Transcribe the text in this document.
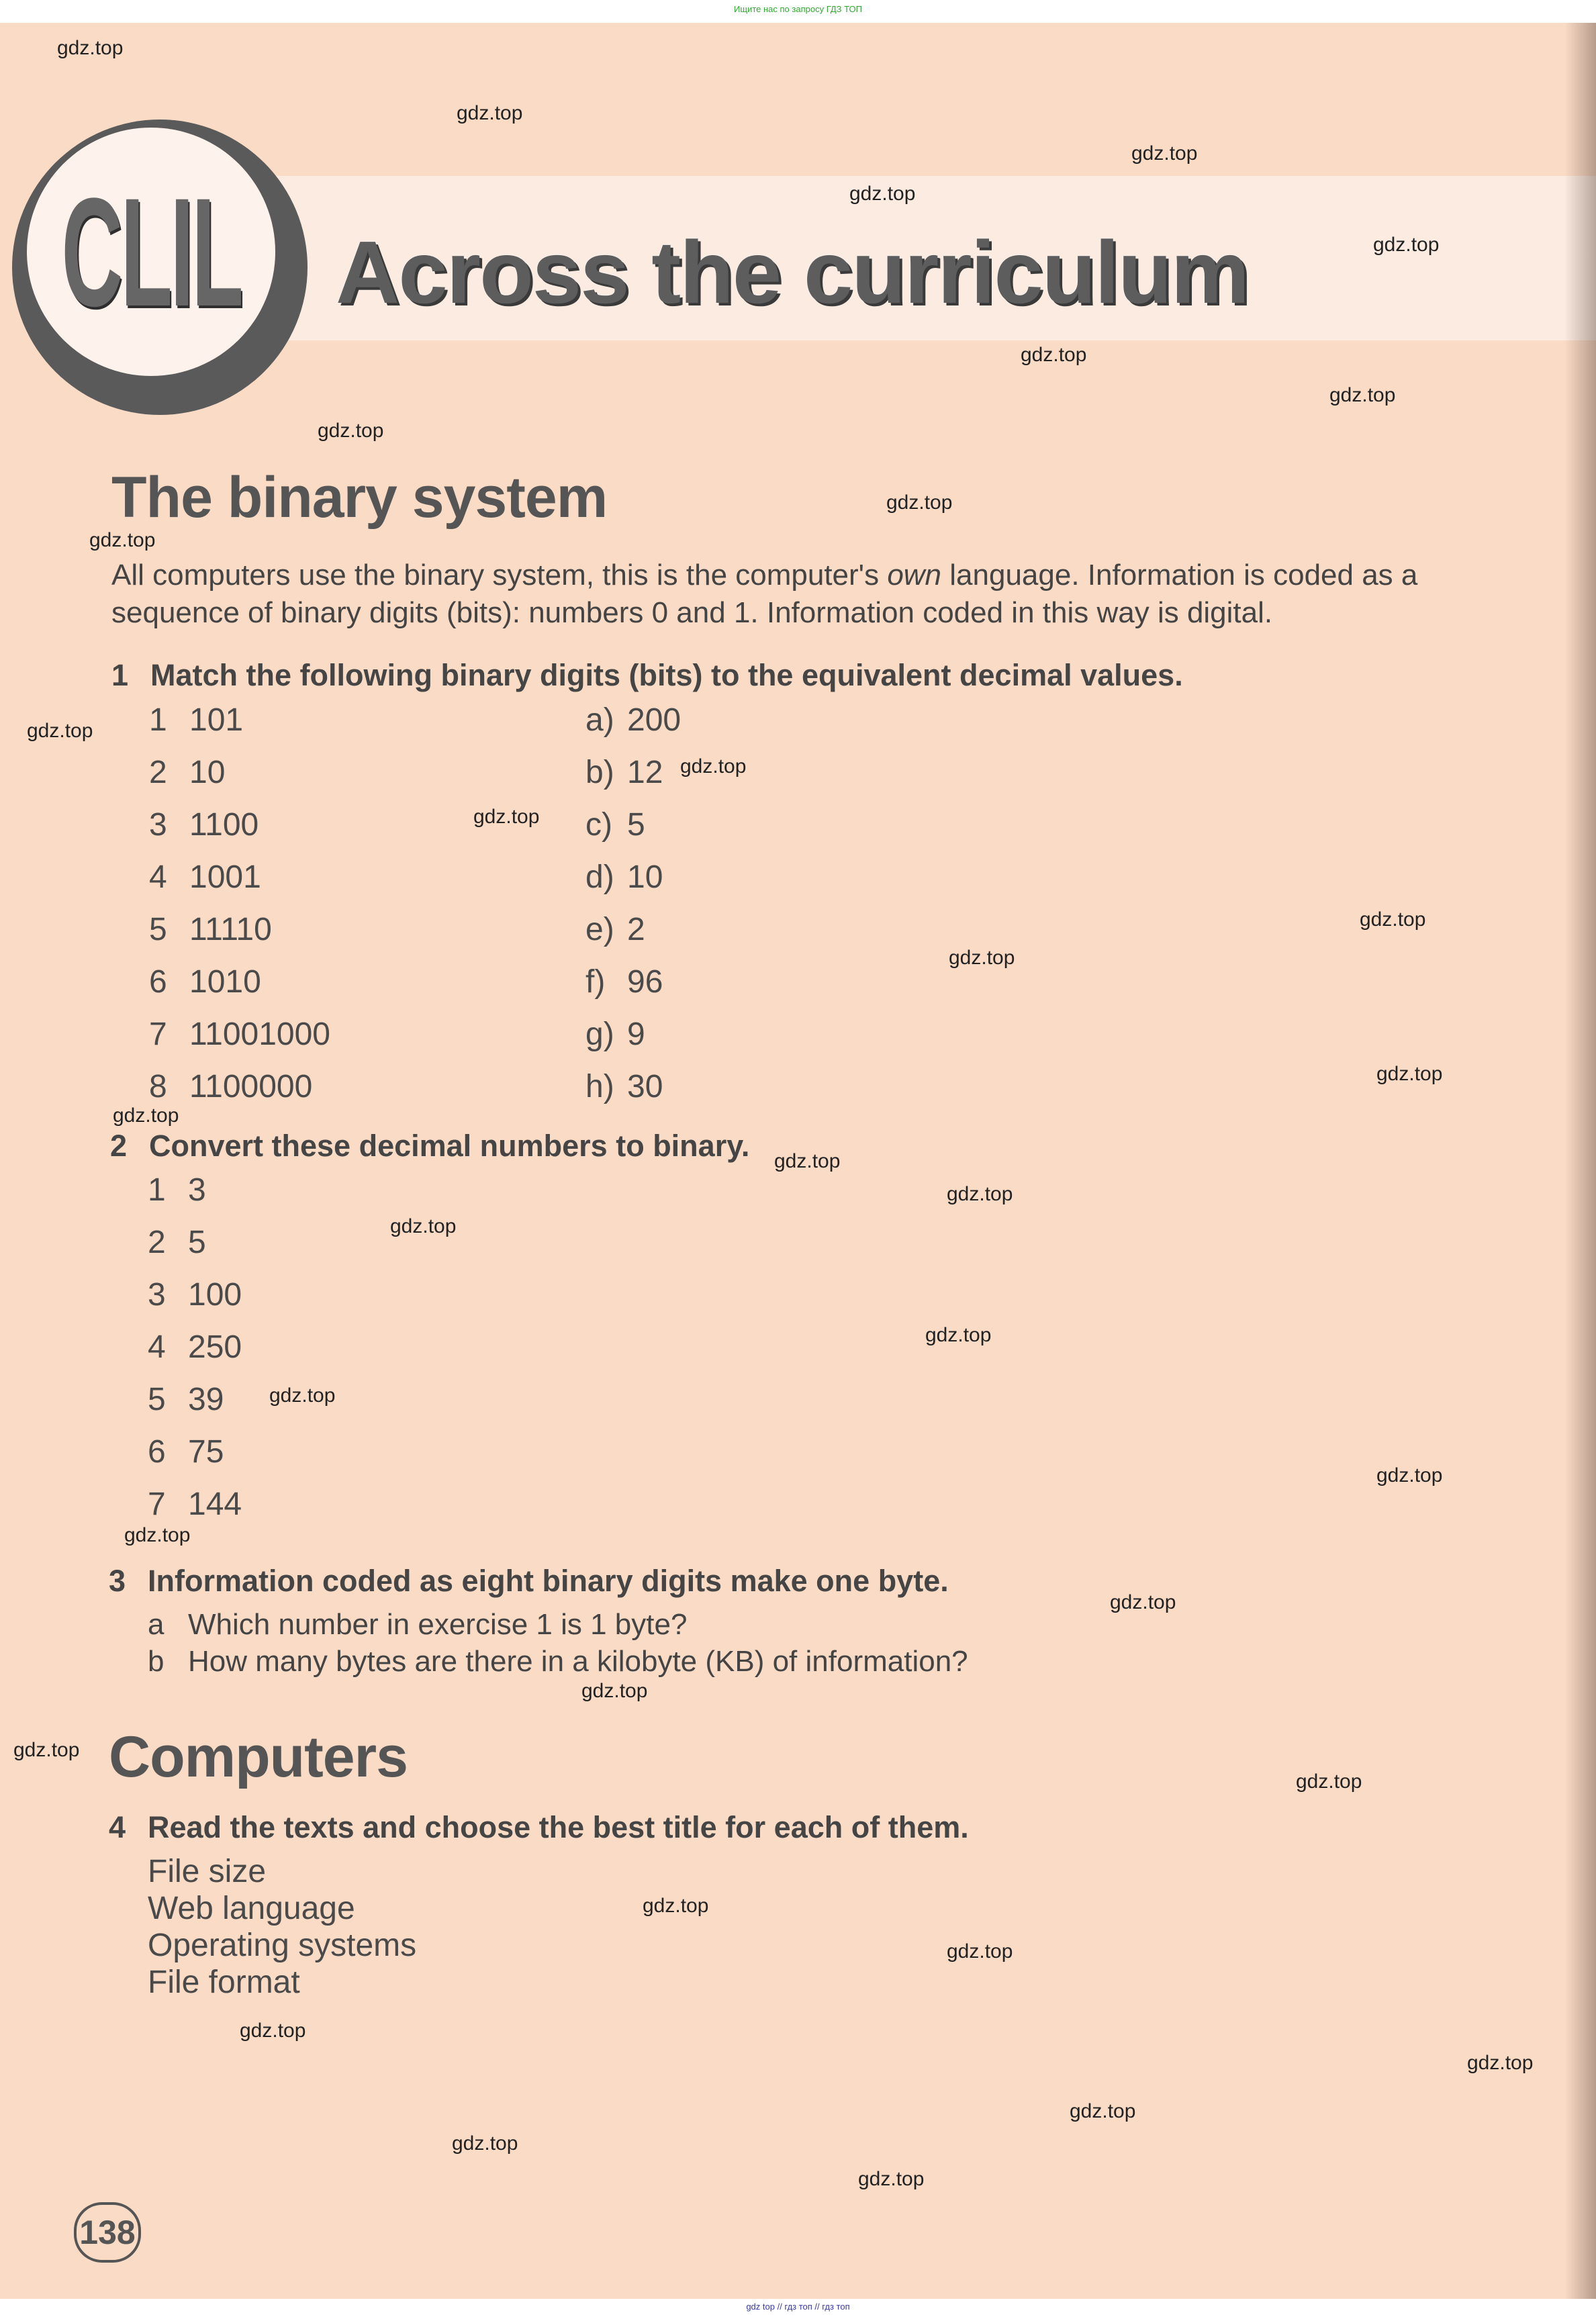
Ищите нас по запросу ГДЗ ТОП
CLIL Across the curriculum
The binary system
All computers use the binary system, this is the computer's own language. Information is coded as a
sequence of binary digits (bits): numbers 0 and 1. Information coded in this way is digital.
1 Match the following binary digits (bits) to the equivalent decimal values.
1 101
2 10
3 1100
4 1001
5 11110
6 1010
7 11001000
8 1100000
a) 200
b) 12
c) 5
d) 10
e) 2
f) 96
g) 9
h) 30
2 Convert these decimal numbers to binary.
1 3
2 5
3 100
4 250
5 39
6 75
7 144
3 Information coded as eight binary digits make one byte.
a Which number in exercise 1 is 1 byte?
b How many bytes are there in a kilobyte (KB) of information?
Computers
4 Read the texts and choose the best title for each of them.
File size
Web language
Operating systems
File format
138
gdz.top
gdz.top
gdz.top
gdz.top
gdz.top
gdz.top
gdz.top
gdz.top
gdz.top
gdz.top
gdz.top
gdz.top
gdz.top
gdz.top
gdz.top
gdz.top
gdz.top
gdz.top
gdz.top
gdz.top
gdz.top
gdz.top
gdz.top
gdz.top
gdz.top
gdz.top
gdz.top
gdz.top
gdz.top
gdz.top
gdz.top
gdz.top
gdz.top
gdz.top
gdz.top
gdz top // гдз топ // гдз топ
